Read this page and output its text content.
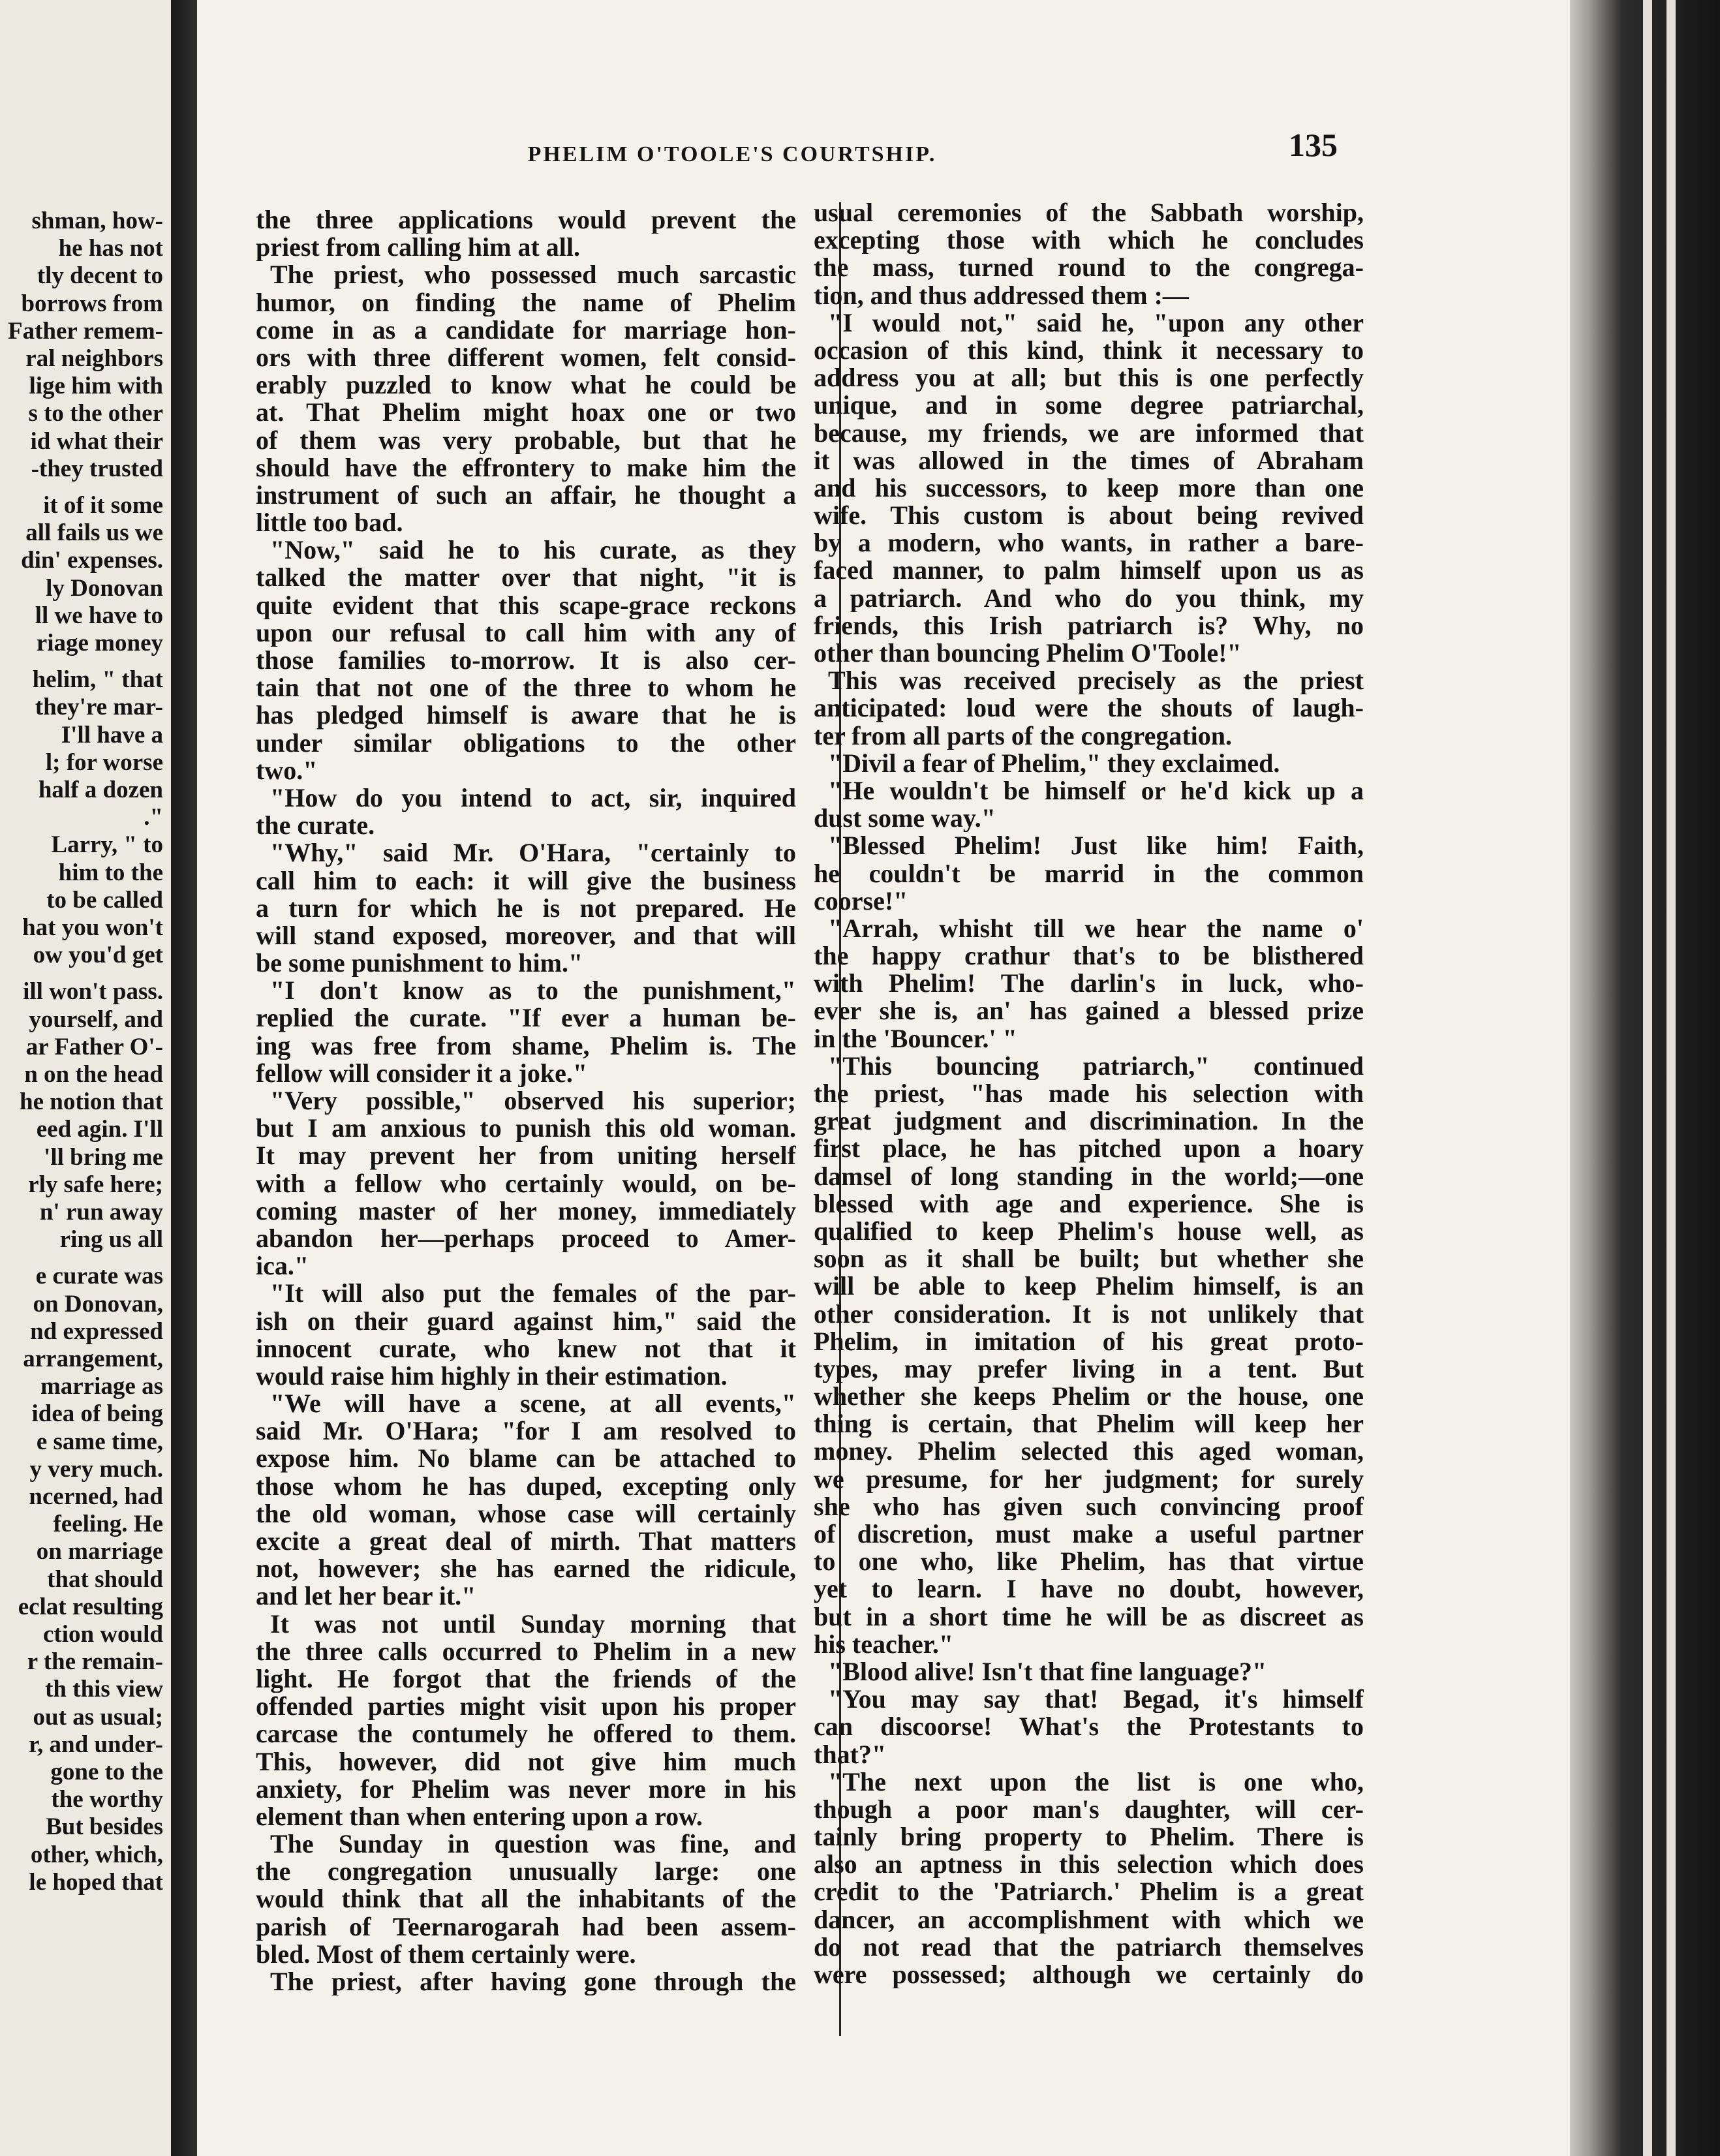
shman, how-
he has not
tly decent to
borrows from
Father remem-
ral neighbors
lige him with
s to the other
id what their
-they trusted
it of it some
all fails us we
din' expenses.
ly Donovan
ll we have to
riage money
helim, " that
they're mar-
I'll have a
l; for worse
half a dozen
."
Larry, " to
him to the
to be called
hat you won't
ow you'd get
ill won't pass.
yourself, and
ar Father O'-
n on the head
he notion that
eed agin. I'll
'll bring me
rly safe here;
n' run away
ring us all
e curate was
on Donovan,
nd expressed
arrangement,
marriage as
idea of being
e same time,
y very much.
ncerned, had
feeling. He
on marriage
that should
eclat resulting
ction would
r the remain-
th this view
out as usual;
r, and under-
gone to the
the worthy
But besides
other, which,
le hoped that
PHELIM O'TOOLE'S COURTSHIP.	135
the three applications would prevent the
priest from calling him at all.
The priest, who possessed much sarcastic
humor, on finding the name of Phelim
come in as a candidate for marriage hon-
ors with three different women, felt consid-
erably puzzled to know what he could be
at. That Phelim might hoax one or two
of them was very probable, but that he
should have the effrontery to make him the
instrument of such an affair, he thought a
little too bad.
"Now," said he to his curate, as they
talked the matter over that night, "it is
quite evident that this scape-grace reckons
upon our refusal to call him with any of
those families to-morrow. It is also cer-
tain that not one of the three to whom he
has pledged himself is aware that he is
under similar obligations to the other
two."
"How do you intend to act, sir, inquired
the curate.
"Why," said Mr. O'Hara, "certainly to
call him to each: it will give the business
a turn for which he is not prepared. He
will stand exposed, moreover, and that will
be some punishment to him."
"I don't know as to the punishment,"
replied the curate. "If ever a human be-
ing was free from shame, Phelim is. The
fellow will consider it a joke."
"Very possible," observed his superior;
but I am anxious to punish this old woman.
It may prevent her from uniting herself
with a fellow who certainly would, on be-
coming master of her money, immediately
abandon her—perhaps proceed to Amer-
ica."
"It will also put the females of the par-
ish on their guard against him," said the
innocent curate, who knew not that it
would raise him highly in their estimation.
"We will have a scene, at all events,"
said Mr. O'Hara; "for I am resolved to
expose him. No blame can be attached to
those whom he has duped, excepting only
the old woman, whose case will certainly
excite a great deal of mirth. That matters
not, however; she has earned the ridicule,
and let her bear it."
It was not until Sunday morning that
the three calls occurred to Phelim in a new
light. He forgot that the friends of the
offended parties might visit upon his proper
carcase the contumely he offered to them.
This, however, did not give him much
anxiety, for Phelim was never more in his
element than when entering upon a row.
The Sunday in question was fine, and
the congregation unusually large: one
would think that all the inhabitants of the
parish of Teernarogarah had been assem-
bled. Most of them certainly were.
The priest, after having gone through the
usual ceremonies of the Sabbath worship,
excepting those with which he concludes
the mass, turned round to the congrega-
tion, and thus addressed them :—
"I would not," said he, "upon any other
occasion of this kind, think it necessary to
address you at all; but this is one perfectly
unique, and in some degree patriarchal,
because, my friends, we are informed that
it was allowed in the times of Abraham
and his successors, to keep more than one
wife. This custom is about being revived
by a modern, who wants, in rather a bare-
faced manner, to palm himself upon us as
a patriarch. And who do you think, my
friends, this Irish patriarch is? Why, no
other than bouncing Phelim O'Toole!"
This was received precisely as the priest
anticipated: loud were the shouts of laugh-
ter from all parts of the congregation.
"Divil a fear of Phelim," they exclaimed.
"He wouldn't be himself or he'd kick up a
dust some way."
"Blessed Phelim! Just like him! Faith,
he couldn't be marrid in the common
coorse!"
"Arrah, whisht till we hear the name o'
the happy crathur that's to be blisthered
with Phelim! The darlin's in luck, who-
ever she is, an' has gained a blessed prize
in the 'Bouncer.' "
"This bouncing patriarch," continued
the priest, "has made his selection with
great judgment and discrimination. In the
first place, he has pitched upon a hoary
damsel of long standing in the world;—one
blessed with age and experience. She is
qualified to keep Phelim's house well, as
soon as it shall be built; but whether she
will be able to keep Phelim himself, is an
other consideration. It is not unlikely that
Phelim, in imitation of his great proto-
types, may prefer living in a tent. But
whether she keeps Phelim or the house, one
thing is certain, that Phelim will keep her
money. Phelim selected this aged woman,
we presume, for her judgment; for surely
she who has given such convincing proof
of discretion, must make a useful partner
to one who, like Phelim, has that virtue
yet to learn. I have no doubt, however,
but in a short time he will be as discreet as
his teacher."
"Blood alive! Isn't that fine language?"
"You may say that! Begad, it's himself
can discoorse! What's the Protestants to
that?"
"The next upon the list is one who,
though a poor man's daughter, will cer-
tainly bring property to Phelim. There is
also an aptness in this selection which does
credit to the 'Patriarch.' Phelim is a great
dancer, an accomplishment with which we
do not read that the patriarch themselves
were possessed; although we certainly do
